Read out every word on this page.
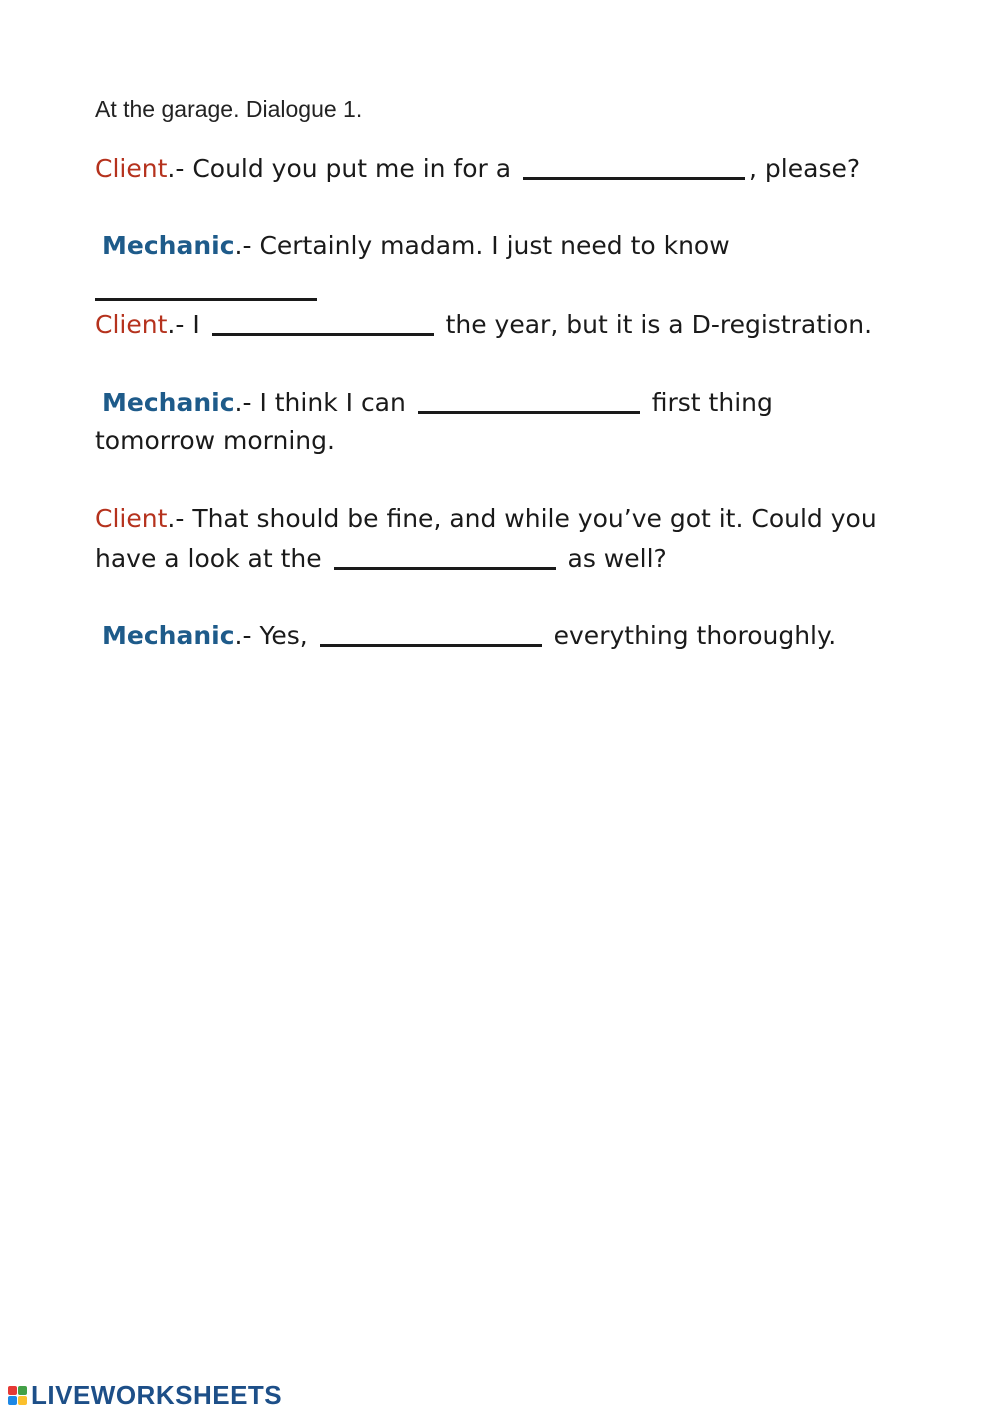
At the garage. Dialogue 1.
Client.- Could you put me in for a	, please?
Mechanic.- Certainly madam. I just need to know
Client.- I	the year, but it is a D-registration.
Mechanic.- I think I can	first thing
tomorrow morning.
Client.- That should be fine, and while you’ve got it. Could you
have a look at the	as well?
Mechanic.- Yes,	everything thoroughly.
LIVEWORKSHEETS
